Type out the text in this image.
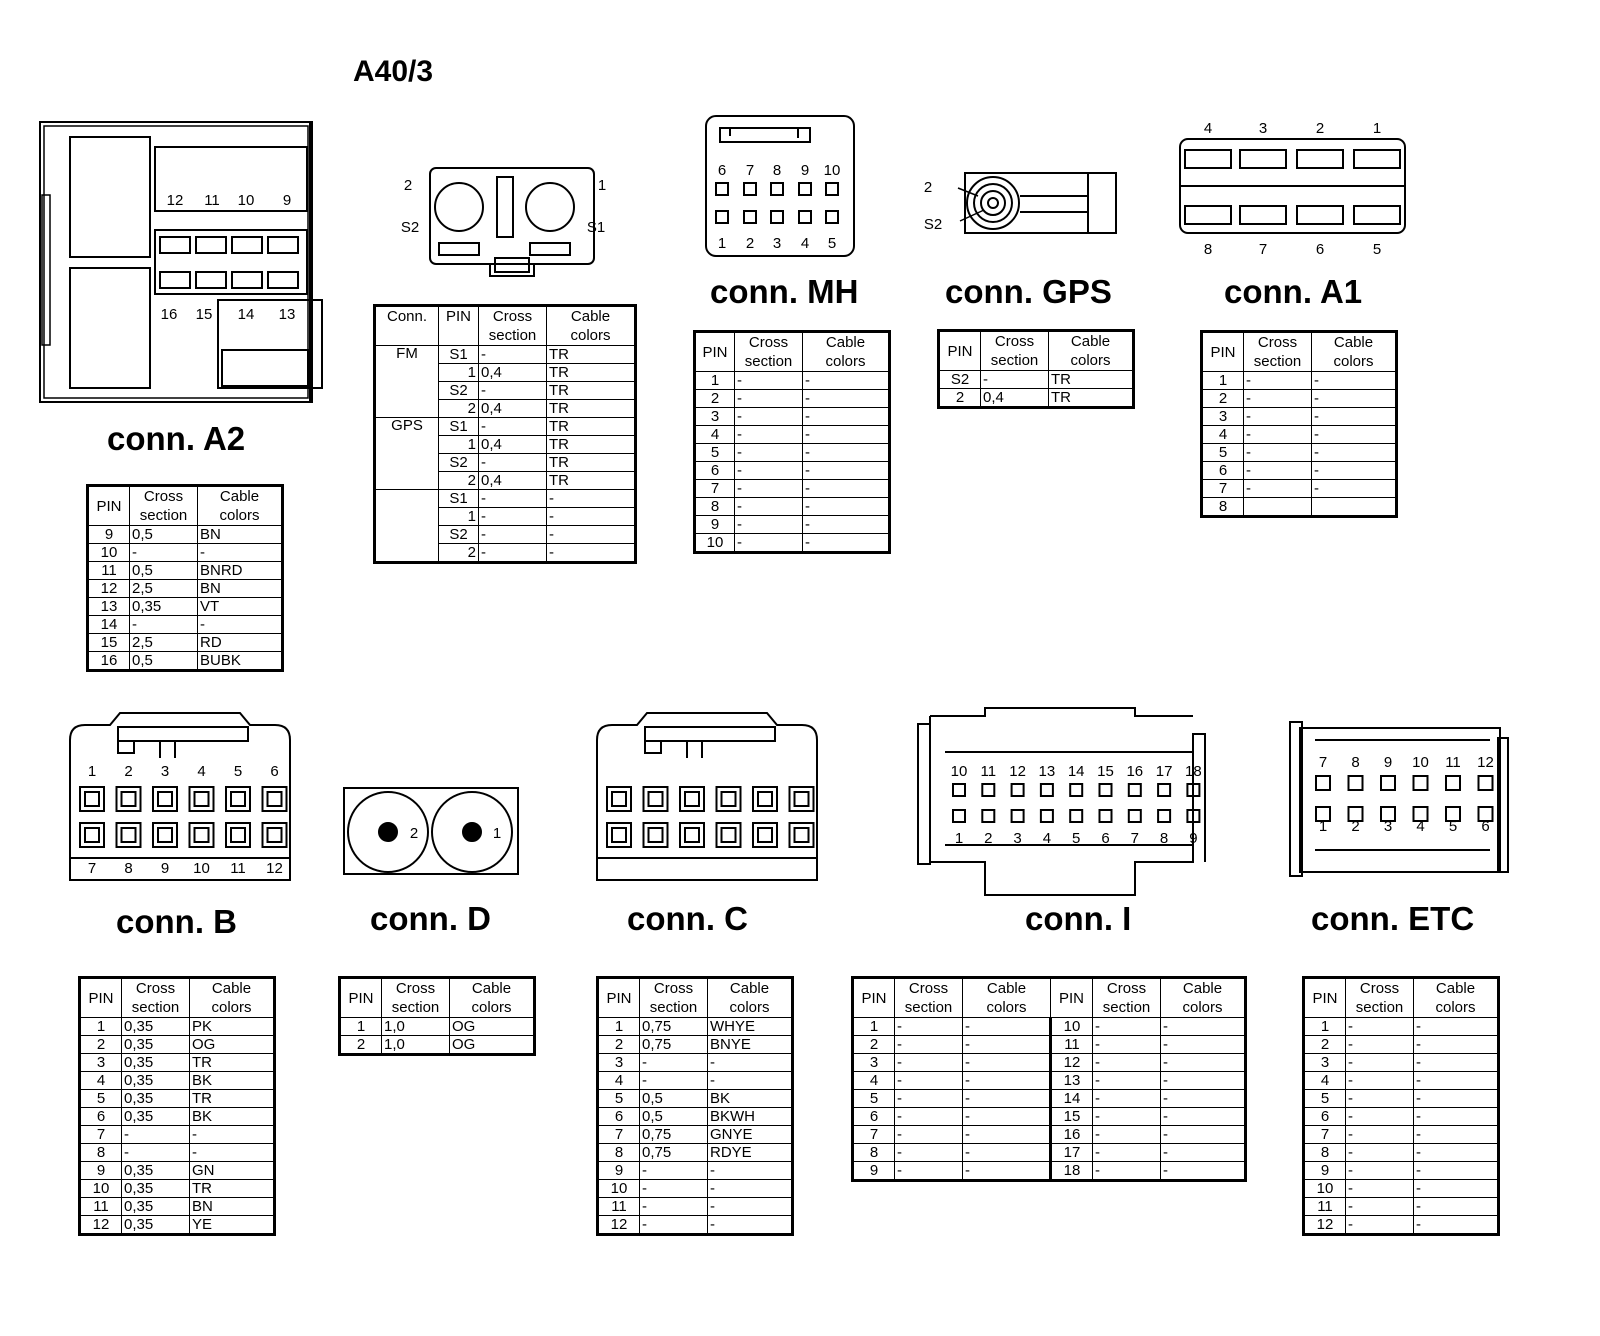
A40/3
conn. A2
conn. MH	conn. GPS	conn. A1
conn. B	conn. D	conn. C	conn. I	conn. ETC
12 11 10 9
16 15 14 13
2
S2
1
S1
6
1
7
2
8
3
9
4
10
5
2
S2
4
8
3
7
2
6
1
5
1
7
2
8
3
9
4
10
5
11
6
12
2	1
10
1
11
2
12
3
13
4
14
5
15
6
16
7
17
8
18
9
7
1
8
2
9
3
10
4
11
5
12
6
PIN	Cross section	Cable colors
9	0,5	BN
10	-	-
11	0,5	BNRD
12	2,5	BN
13	0,35	VT
14	-	-
15	2,5	RD
16	0,5	BUBK
Conn.	PIN	Cross section	Cable colors
FM	S1	-	TR
	1	0,4	TR
	S2	-	TR
	2	0,4	TR
GPS	S1	-	TR
	1	0,4	TR
	S2	-	TR
	2	0,4	TR
	S1	-	-
	1	-	-
	S2	-	-
	2	-	-
PIN	Cross section	Cable colors
1	-	-
2	-	-
3	-	-
4	-	-
5	-	-
6	-	-
7	-	-
8	-	-
9	-	-
10	-	-
PIN	Cross section	Cable colors
S2	-	TR
2	0,4	TR
PIN	Cross section	Cable colors
1	-	-
2	-	-
3	-	-
4	-	-
5	-	-
6	-	-
7	-	-
8		
PIN	Cross section	Cable colors
1	0,35	PK
2	0,35	OG
3	0,35	TR
4	0,35	BK
5	0,35	TR
6	0,35	BK
7	-	-
8	-	-
9	0,35	GN
10	0,35	TR
11	0,35	BN
12	0,35	YE
PIN	Cross section	Cable colors
1	1,0	OG
2	1,0	OG
PIN	Cross section	Cable colors
1	0,75	WHYE
2	0,75	BNYE
3	-	-
4	-	-
5	0,5	BK
6	0,5	BKWH
7	0,75	GNYE
8	0,75	RDYE
9	-	-
10	-	-
11	-	-
12	-	-
PIN	Cross section	Cable colors	PIN	Cross section	Cable colors
1	-	-	10	-	-
2	-	-	11	-	-
3	-	-	12	-	-
4	-	-	13	-	-
5	-	-	14	-	-
6	-	-	15	-	-
7	-	-	16	-	-
8	-	-	17	-	-
9	-	-	18	-	-
PIN	Cross section	Cable colors
1	-	-
2	-	-
3	-	-
4	-	-
5	-	-
6	-	-
7	-	-
8	-	-
9	-	-
10	-	-
11	-	-
12	-	-
